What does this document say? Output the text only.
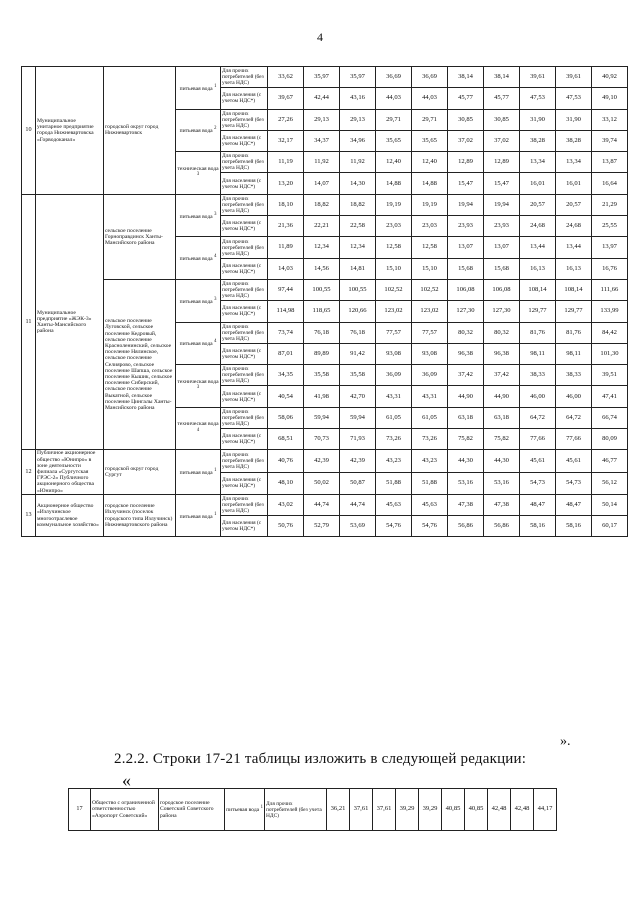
4
10	Муниципальное унитарное предприятие города Нижневартовска «Горводоканал»	городской округ город Нижневартовск	питьевая вода $^1$	Для прочих потребителей (без учета НДС)	33,62	35,97	35,97	36,69	36,69	38,14	38,14	39,61	39,61	40,92
				Для населения (с учетом НДС*)	39,67	42,44	43,16	44,03	44,03	45,77	45,77	47,53	47,53	49,10
			питьевая вода $^2$	Для прочих потребителей (без учета НДС)	27,26	29,13	29,13	29,71	29,71	30,85	30,85	31,90	31,90	33,12
				Для населения (с учетом НДС*)	32,17	34,37	34,96	35,65	35,65	37,02	37,02	38,28	38,28	39,74
			техническая вода $^3$	Для прочих потребителей (без учета НДС)	11,19	11,92	11,92	12,40	12,40	12,89	12,89	13,34	13,34	13,87
				Для населения (с учетом НДС*)	13,20	14,07	14,30	14,88	14,88	15,47	15,47	16,01	16,01	16,64
11	Муниципальное предприятие «ЖЭК-3» Ханты-Мансийского района	сельское поселение Горноправдинск Ханты-Мансийского района	питьевая вода $^3$	Для прочих потребителей (без учета НДС)	18,10	18,82	18,82	19,19	19,19	19,94	19,94	20,57	20,57	21,29
				Для населения (с учетом НДС*)	21,36	22,21	22,58	23,03	23,03	23,93	23,93	24,68	24,68	25,55
			питьевая вода $^4$	Для прочих потребителей (без учета НДС)	11,89	12,34	12,34	12,58	12,58	13,07	13,07	13,44	13,44	13,97
				Для населения (с учетом НДС*)	14,03	14,56	14,81	15,10	15,10	15,68	15,68	16,13	16,13	16,76
		сельское поселение Луговской, сельское поселение Кедровый, сельское поселение Красноленинский, сельское поселение Нялинское, сельское поселение Селиярово, сельское поселение Шапша, сельское поселение Кышик, сельское поселение Сибирский, сельское поселение Выкатной, сельское поселение Цингалы Ханты-Мансийского района	питьевая вода $^3$	Для прочих потребителей (без учета НДС)	97,44	100,55	100,55	102,52	102,52	106,08	106,08	108,14	108,14	111,66
				Для населения (с учетом НДС*)	114,98	118,65	120,66	123,02	123,02	127,30	127,30	129,77	129,77	133,99
			питьевая вода $^4$	Для прочих потребителей (без учета НДС)	73,74	76,18	76,18	77,57	77,57	80,32	80,32	81,76	81,76	84,42
				Для населения (с учетом НДС*)	87,01	89,89	91,42	93,08	93,08	96,38	96,38	98,11	98,11	101,30
			техническая вода $^3$	Для прочих потребителей (без учета НДС)	34,35	35,58	35,58	36,09	36,09	37,42	37,42	38,33	38,33	39,51
				Для населения (с учетом НДС*)	40,54	41,98	42,70	43,31	43,31	44,90	44,90	46,00	46,00	47,41
			техническая вода $^4$	Для прочих потребителей (без учета НДС)	58,06	59,94	59,94	61,05	61,05	63,18	63,18	64,72	64,72	66,74
				Для населения (с учетом НДС*)	68,51	70,73	71,93	73,26	73,26	75,82	75,82	77,66	77,66	80,09
12	Публичное акционерное общество «Юнипро» в зоне деятельности филиала «Сургутская ГРЭС-2» Публичного акционерного общества «Юнипро»	городской округ город Сургут	питьевая вода $^1$	Для прочих потребителей (без учета НДС)	40,76	42,39	42,39	43,23	43,23	44,30	44,30	45,61	45,61	46,77
				Для населения (с учетом НДС*)	48,10	50,02	50,87	51,88	51,88	53,16	53,16	54,73	54,73	56,12
13	Акционерное общество «Излучинское многоотраслевое коммунальное хозяйство»	городское поселение Излучинск (поселок городского типа Излучинск) Нижневартовского района	питьевая вода $^1$	Для прочих потребителей (без учета НДС)	43,02	44,74	44,74	45,63	45,63	47,38	47,38	48,47	48,47	50,14
				Для населения (с учетом НДС*)	50,76	52,79	53,69	54,76	54,76	56,86	56,86	58,16	58,16	60,17
».
2.2.2. Строки 17-21 таблицы изложить в следующей редакции:
«
17	Общество с ограниченной ответственностью «Аэропорт Советский»	городское поселение Советский Советского района	питьевая вода $^1$	Для прочих потребителей (без учета НДС)	36,21	37,61	37,61	39,29	39,29	40,85	40,85	42,48	42,48	44,17
